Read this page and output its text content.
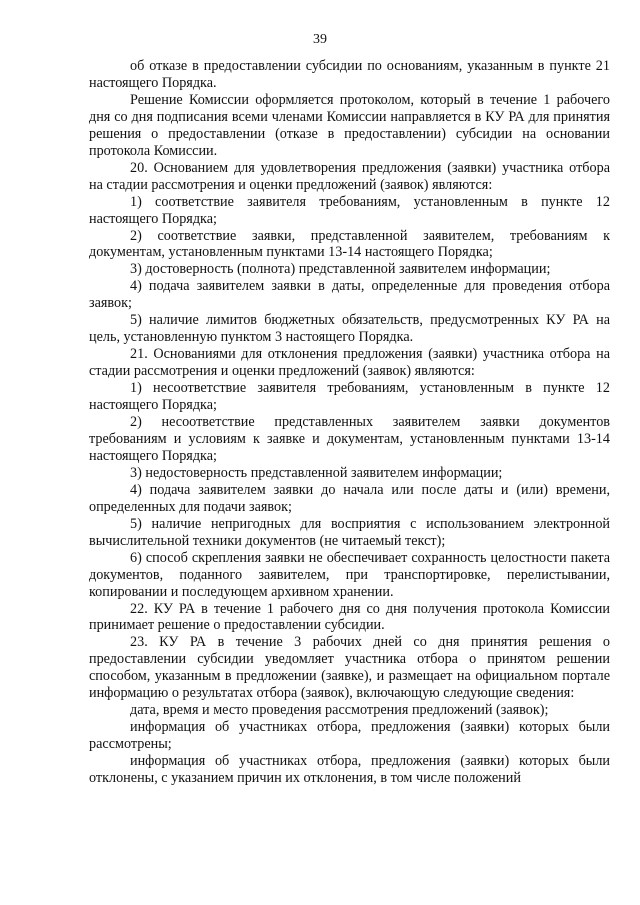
39

об отказе в предоставлении субсидии по основаниям, указанным в пункте 21 настоящего Порядка.

Решение Комиссии оформляется протоколом, который в течение 1 рабочего дня со дня подписания всеми членами Комиссии направляется в КУ РА для принятия решения о предоставлении (отказе в предоставлении) субсидии на основании протокола Комиссии.

20. Основанием для удовлетворения предложения (заявки) участника отбора на стадии рассмотрения и оценки предложений (заявок) являются:

1) соответствие заявителя требованиям, установленным в пункте 12 настоящего Порядка;

2) соответствие заявки, представленной заявителем, требованиям к документам, установленным пунктами 13-14 настоящего Порядка;

3) достоверность (полнота) представленной заявителем информации;

4) подача заявителем заявки в даты, определенные для проведения отбора заявок;

5) наличие лимитов бюджетных обязательств, предусмотренных КУ РА на цель, установленную пунктом 3 настоящего Порядка.

21. Основаниями для отклонения предложения (заявки) участника отбора на стадии рассмотрения и оценки предложений (заявок) являются:

1) несоответствие заявителя требованиям, установленным в пункте 12 настоящего Порядка;

2) несоответствие представленных заявителем заявки документов требованиям и условиям к заявке и документам, установленным пунктами 13-14 настоящего Порядка;

3) недостоверность представленной заявителем информации;

4) подача заявителем заявки до начала или после даты и (или) времени, определенных для подачи заявок;

5) наличие непригодных для восприятия с использованием электронной вычислительной техники документов (не читаемый текст);

6) способ скрепления заявки не обеспечивает сохранность целостности пакета документов, поданного заявителем, при транспортировке, перелистывании, копировании и последующем архивном хранении.

22. КУ РА в течение 1 рабочего дня со дня получения протокола Комиссии принимает решение о предоставлении субсидии.

23. КУ РА в течение 3 рабочих дней со дня принятия решения о предоставлении субсидии уведомляет участника отбора о принятом решении способом, указанным в предложении (заявке), и размещает на официальном портале информацию о результатах отбора (заявок), включающую следующие сведения:

дата, время и место проведения рассмотрения предложений (заявок);

информация об участниках отбора, предложения (заявки) которых были рассмотрены;

информация об участниках отбора, предложения (заявки) которых были отклонены, с указанием причин их отклонения, в том числе положений
